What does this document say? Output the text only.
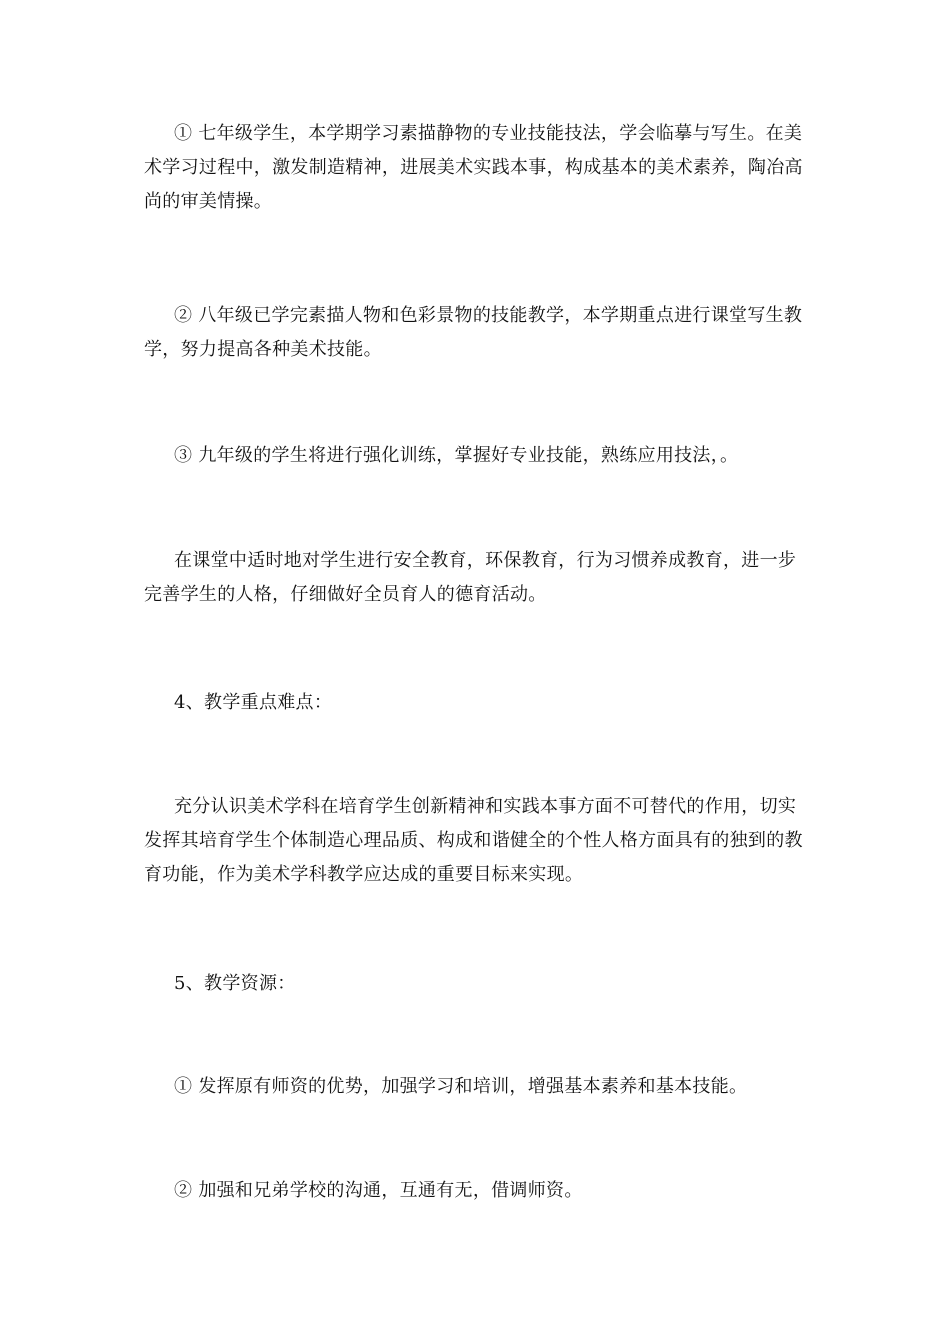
① 七年级学生，本学期学习素描静物的专业技能技法，学会临摹与写生。在美术学习过程中，激发制造精神，进展美术实践本事，构成基本的美术素养，陶冶高尚的审美情操。

② 八年级已学完素描人物和色彩景物的技能教学，本学期重点进行课堂写生教学，努力提高各种美术技能。

③ 九年级的学生将进行强化训练，掌握好专业技能，熟练应用技法，。

在课堂中适时地对学生进行安全教育，环保教育，行为习惯养成教育，进一步完善学生的人格，仔细做好全员育人的德育活动。

4、教学重点难点：

充分认识美术学科在培育学生创新精神和实践本事方面不可替代的作用，切实发挥其培育学生个体制造心理品质、构成和谐健全的个性人格方面具有的独到的教育功能，作为美术学科教学应达成的重要目标来实现。

5、教学资源：

① 发挥原有师资的优势，加强学习和培训，增强基本素养和基本技能。

② 加强和兄弟学校的沟通，互通有无，借调师资。
